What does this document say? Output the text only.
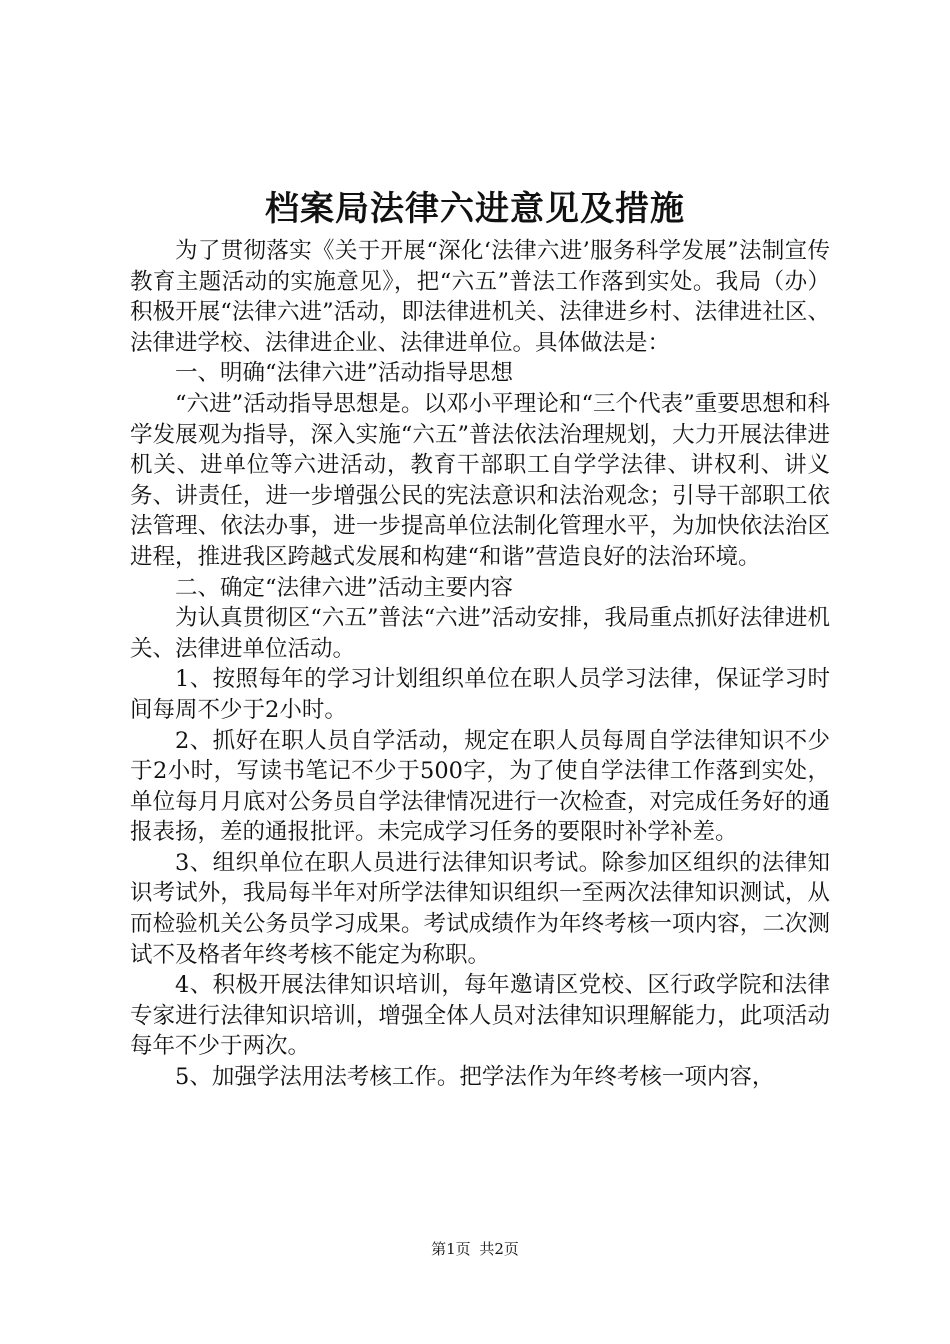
档案局法律六进意见及措施

为了贯彻落实《关于开展“深化‘法律六进’服务科学发展”法制宣传教育主题活动的实施意见》，把“六五”普法工作落到实处。我局（办）积极开展“法律六进”活动，即法律进机关、法律进乡村、法律进社区、法律进学校、法律进企业、法律进单位。具体做法是：

一、明确“法律六进”活动指导思想

“六进”活动指导思想是。以邓小平理论和“三个代表”重要思想和科学发展观为指导，深入实施“六五”普法依法治理规划，大力开展法律进机关、进单位等六进活动，教育干部职工自学学法律、讲权利、讲义务、讲责任，进一步增强公民的宪法意识和法治观念；引导干部职工依法管理、依法办事，进一步提高单位法制化管理水平，为加快依法治区进程，推进我区跨越式发展和构建“和谐”营造良好的法治环境。

二、确定“法律六进”活动主要内容

为认真贯彻区“六五”普法“六进”活动安排，我局重点抓好法律进机关、法律进单位活动。

1、按照每年的学习计划组织单位在职人员学习法律，保证学习时间每周不少于2小时。

2、抓好在职人员自学活动，规定在职人员每周自学法律知识不少于2小时，写读书笔记不少于500字，为了使自学法律工作落到实处，单位每月月底对公务员自学法律情况进行一次检查，对完成任务好的通报表扬，差的通报批评。未完成学习任务的要限时补学补差。

3、组织单位在职人员进行法律知识考试。除参加区组织的法律知识考试外，我局每半年对所学法律知识组织一至两次法律知识测试，从而检验机关公务员学习成果。考试成绩作为年终考核一项内容，二次测试不及格者年终考核不能定为称职。

4、积极开展法律知识培训，每年邀请区党校、区行政学院和法律专家进行法律知识培训，增强全体人员对法律知识理解能力，此项活动每年不少于两次。

5、加强学法用法考核工作。把学法作为年终考核一项内容，

第1页 共2页
